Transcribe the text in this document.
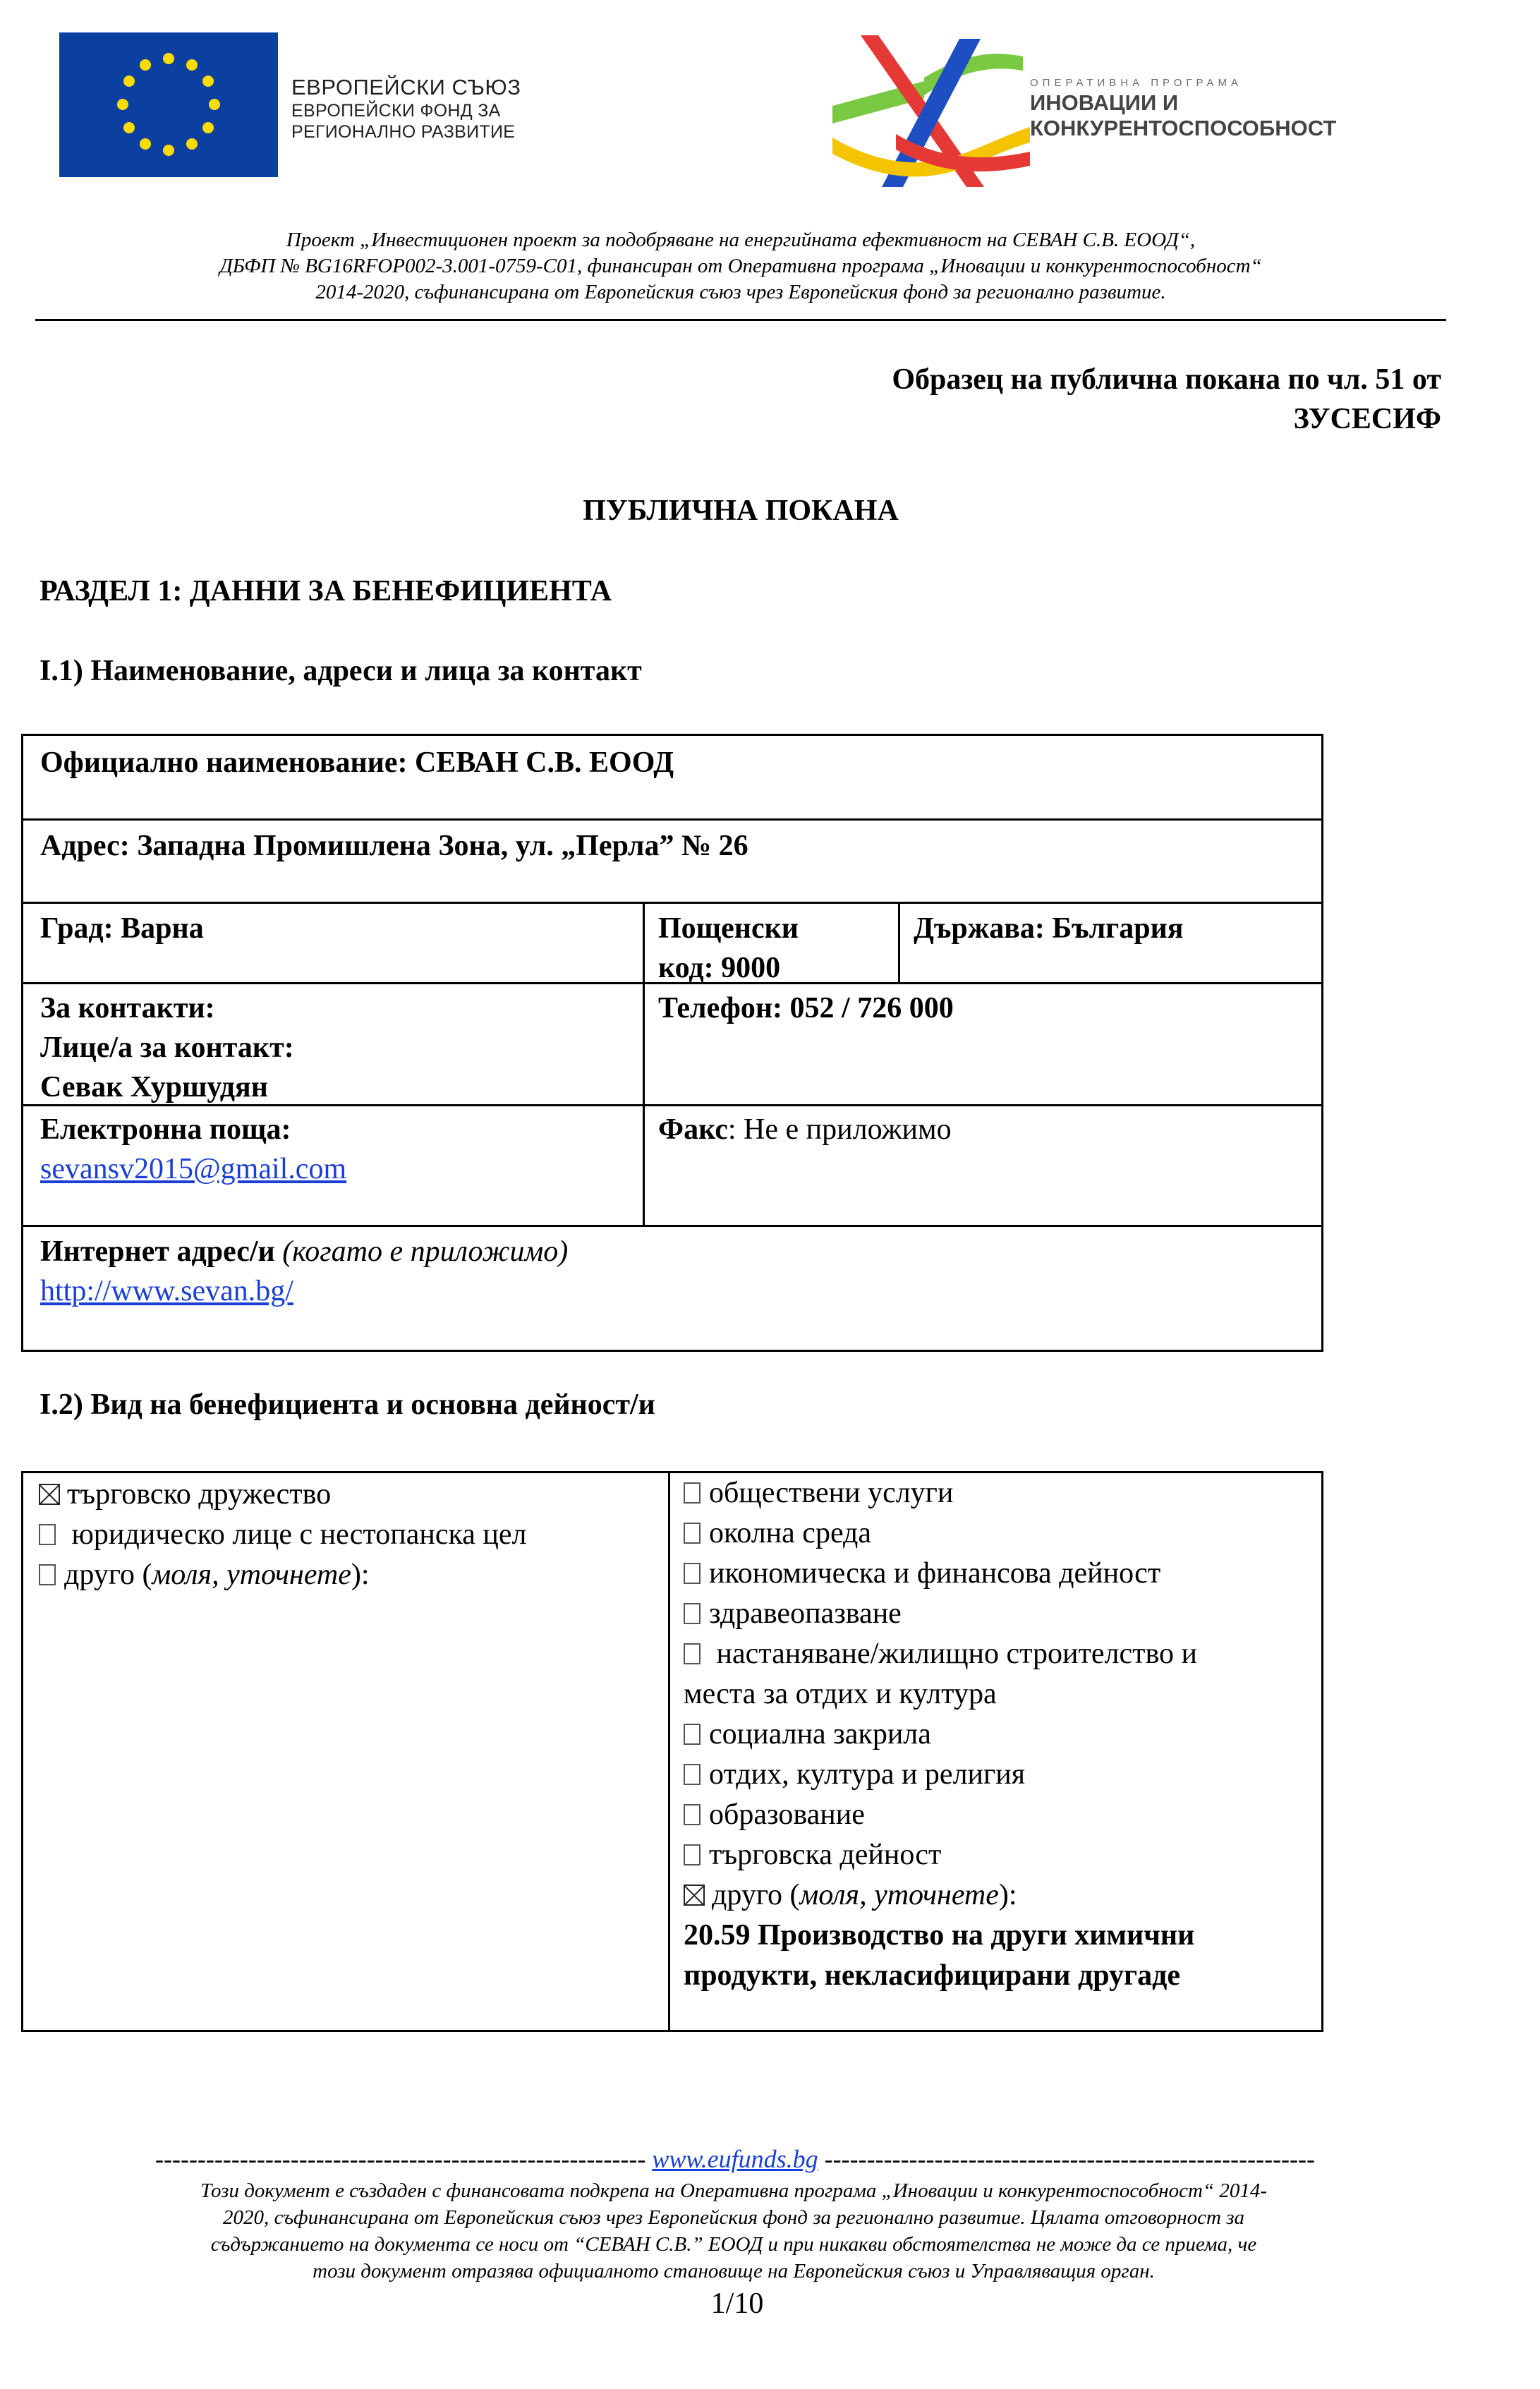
ЕВРОПЕЙСКИ СЪЮЗ
ЕВРОПЕЙСКИ ФОНД ЗА
РЕГИОНАЛНО РАЗВИТИЕ
ОПЕРАТИВНА ПРОГРАМА
ИНОВАЦИИ И
КОНКУРЕНТОСПОСОБНОСТ
Проект „Инвестиционен проект за подобряване на енергийната ефективност на СЕВАН С.В. ЕООД“,
ДБФП № BG16RFOP002-3.001-0759-C01, финансиран от Оперативна програма „Иновации и конкурентоспособност“
2014-2020, съфинансирана от Европейския съюз чрез Европейския фонд за регионално развитие.
Образец на публична покана по чл. 51 от
ЗУСЕСИФ
ПУБЛИЧНА ПОКАНА
РАЗДЕЛ 1: ДАННИ ЗА БЕНЕФИЦИЕНТА
I.1) Наименование, адреси и лица за контакт
Официално наименование: СЕВАН С.В. ЕООД
Адрес: Западна Промишлена Зона, ул. „Перла” № 26
Град: Варна	Пощенски
код: 9000
Държава: България
За контакти:
Лице/а за контакт:
Севак Хуршудян
Телефон: 052 / 726 000
Електронна поща:
sevansv2015@gmail.com
Факс: Не е приложимо
Интернет адрес/и (когато е приложимо)
http://www.sevan.bg/
I.2) Вид на бенефициента и основна дейност/и
търговско дружество
юридическо лице с нестопанска цел
друго (моля, уточнете):
обществени услуги
околна среда
икономическа и финансова дейност
здравеопазване
настаняване/жилищно строителство и
места за отдих и култура
социална закрила
отдих, култура и религия
образование
търговска дейност
друго (моля, уточнете):
20.59 Производство на други химични
продукти, некласифицирани другаде
---------------------------------------------------------- www.eufunds.bg ----------------------------------------------------------
Този документ е създаден с финансовата подкрепа на Оперативна програма „Иновации и конкурентоспособност“ 2014-
2020, съфинансирана от Европейския съюз чрез Европейския фонд за регионално развитие. Цялата отговорност за
съдържанието на документа се носи от “СЕВАН С.В.” ЕООД и при никакви обстоятелства не може да се приема, че
този документ отразява официалното становище на Европейския съюз и Управляващия орган.
1/10
